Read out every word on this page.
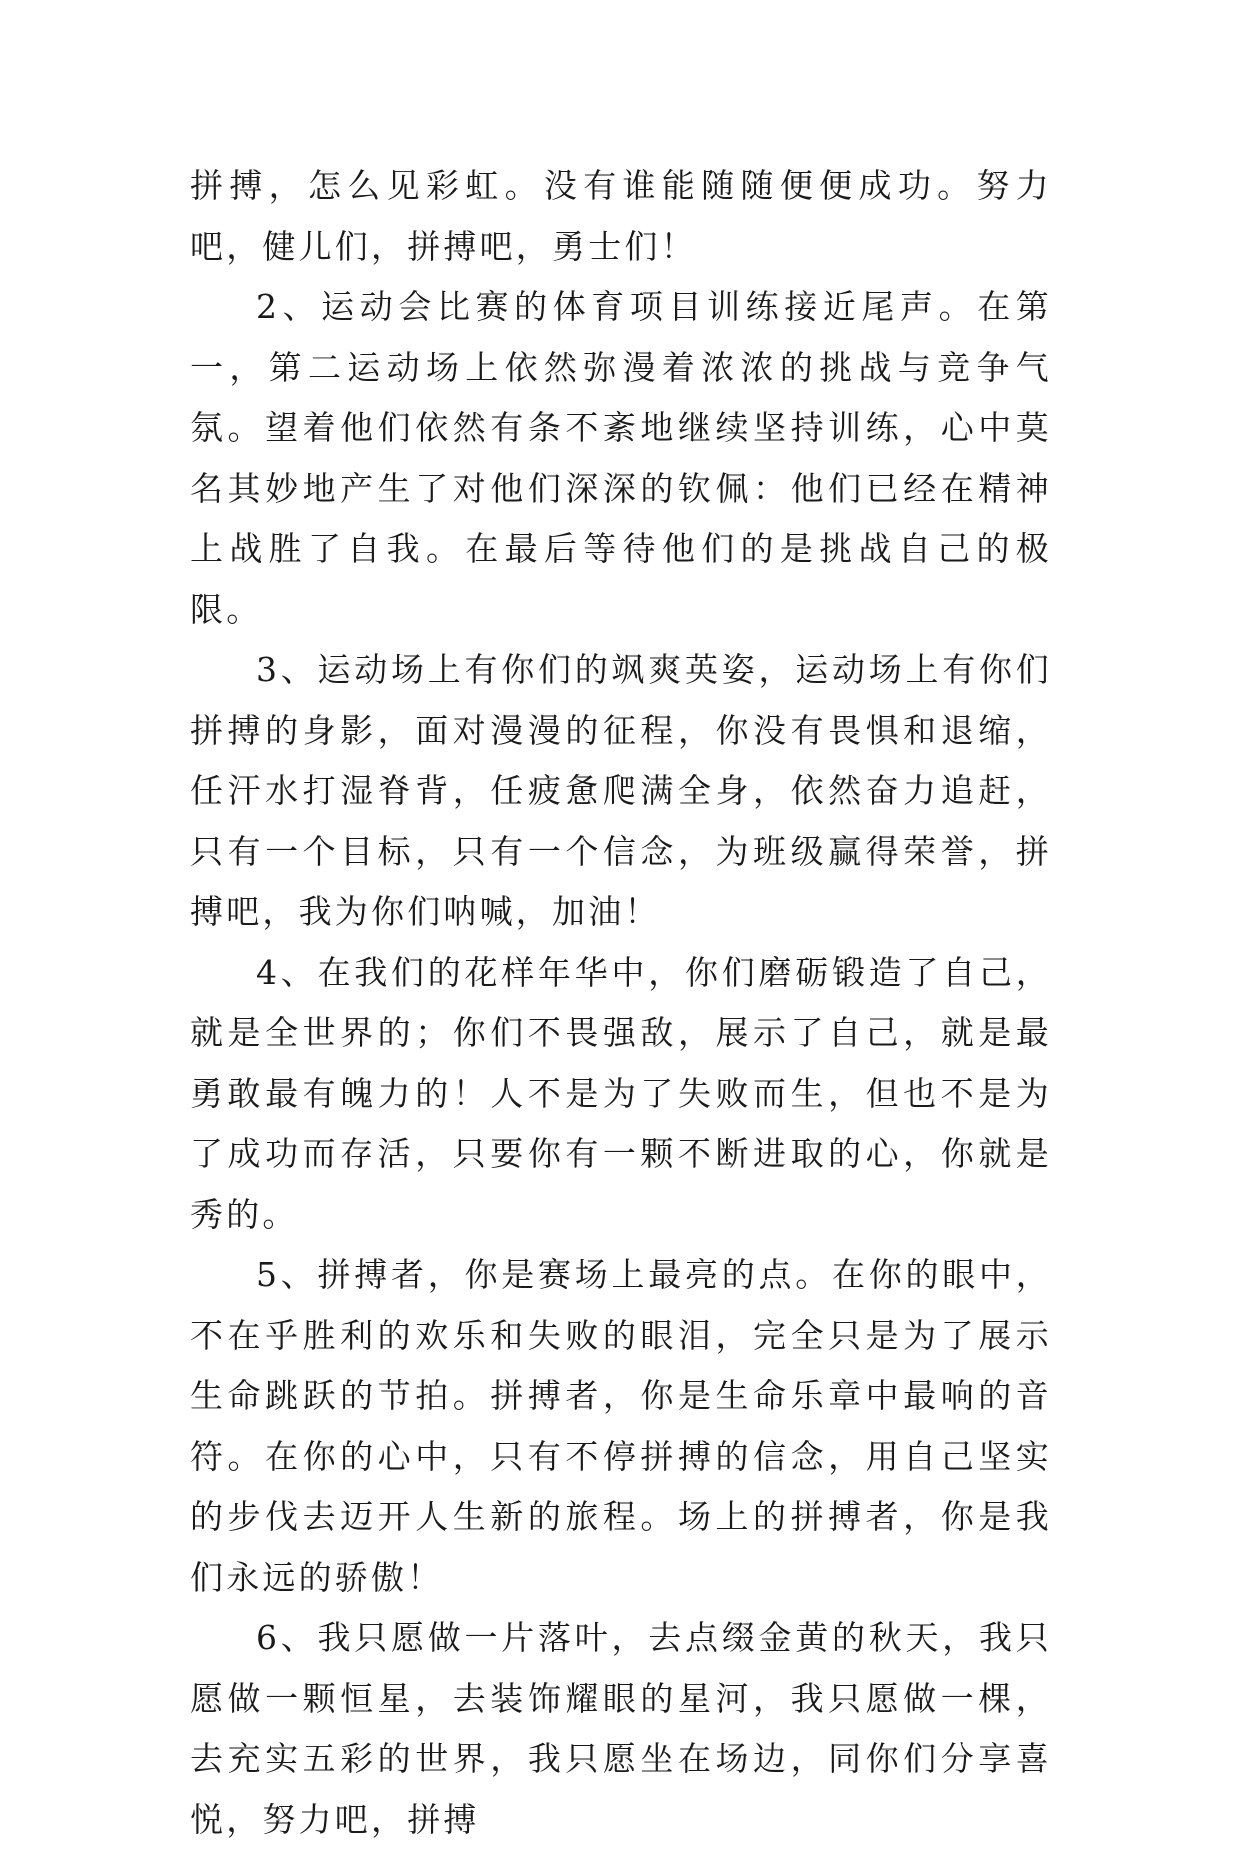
拼搏，怎么见彩虹。没有谁能随随便便成功。努力吧，健儿们，拼搏吧，勇士们！

2、运动会比赛的体育项目训练接近尾声。在第一，第二运动场上依然弥漫着浓浓的挑战与竞争气氛。望着他们依然有条不紊地继续坚持训练，心中莫名其妙地产生了对他们深深的钦佩：他们已经在精神上战胜了自我。在最后等待他们的是挑战自己的极限。

3、运动场上有你们的飒爽英姿，运动场上有你们拼搏的身影，面对漫漫的征程，你没有畏惧和退缩，任汗水打湿脊背，任疲惫爬满全身，依然奋力追赶，只有一个目标，只有一个信念，为班级赢得荣誉，拼搏吧，我为你们呐喊，加油！

4、在我们的花样年华中，你们磨砺锻造了自己，就是全世界的；你们不畏强敌，展示了自己，就是最勇敢最有魄力的！人不是为了失败而生，但也不是为了成功而存活，只要你有一颗不断进取的心，你就是秀的。

5、拼搏者，你是赛场上最亮的点。在你的眼中，不在乎胜利的欢乐和失败的眼泪，完全只是为了展示生命跳跃的节拍。拼搏者，你是生命乐章中最响的音符。在你的心中，只有不停拼搏的信念，用自己坚实的步伐去迈开人生新的旅程。场上的拼搏者，你是我们永远的骄傲！

6、我只愿做一片落叶，去点缀金黄的秋天，我只愿做一颗恒星，去装饰耀眼的星河，我只愿做一棵，去充实五彩的世界，我只愿坐在场边，同你们分享喜悦，努力吧，拼搏
